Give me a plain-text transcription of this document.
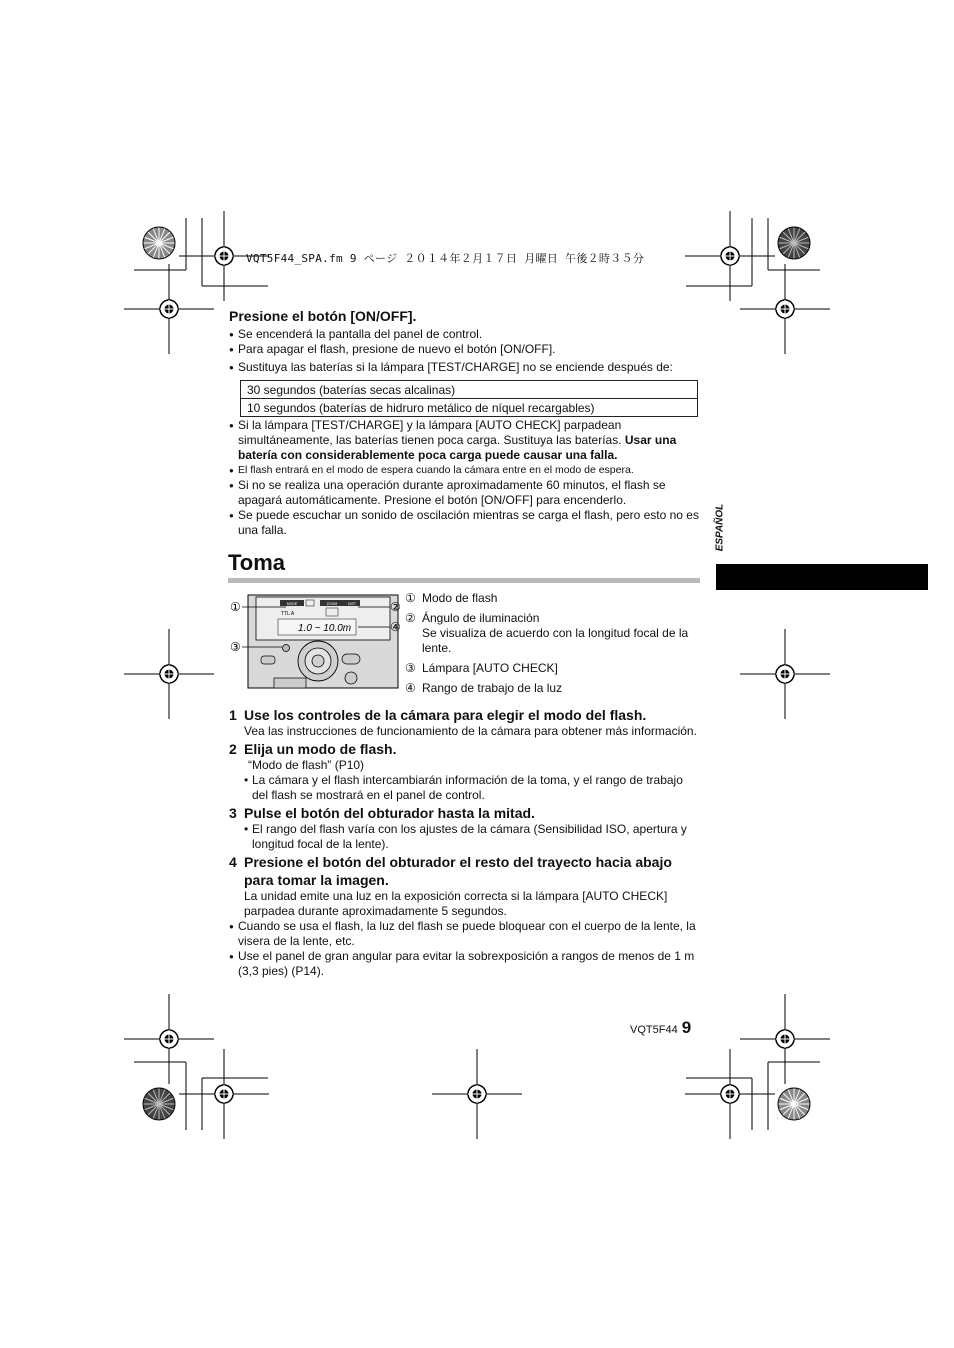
VQT5F44_SPA.fm 9 ページ ２０１４年２月１７日 月曜日 午後２時３５分
Presione el botón [ON/OFF].

● Se encenderá la pantalla del panel de control.

● Para apagar el flash, presione de nuevo el botón [ON/OFF].

● Sustituya las baterías si la lámpara [TEST/CHARGE] no se enciende después de:

30 segundos (baterías secas alcalinas)
10 segundos (baterías de hidruro metálico de níquel recargables)

● Si la lámpara [TEST/CHARGE] y la lámpara [AUTO CHECK] parpadean simultáneamente, las baterías tienen poca carga. Sustituya las baterías. Usar una batería con considerablemente poca carga puede causar una falla.

● El flash entrará en el modo de espera cuando la cámara entre en el modo de espera.

● Si no se realiza una operación durante aproximadamente 60 minutos, el flash se apagará automáticamente. Presione el botón [ON/OFF] para encenderlo.

● Se puede escuchar un sonido de oscilación mientras se carga el flash, pero esto no es una falla.	ESPAÑOL
Toma
MODE	ZOOM	DIST
TTL A
1.0 ~ 10.0m
①	②
③
④
① Modo de flash
② Ángulo de iluminación
Se visualiza de acuerdo con la longitud focal de la lente.
③ Lámpara [AUTO CHECK]
④ Rango de trabajo de la luz
1 Use los controles de la cámara para elegir el modo del flash.
Vea las instrucciones de funcionamiento de la cámara para obtener más información.
2 Elija un modo de flash.
“Modo de flash” (P10)
• La cámara y el flash intercambiarán información de la toma, y el rango de trabajo del flash se mostrará en el panel de control.
3 Pulse el botón del obturador hasta la mitad.
• El rango del flash varía con los ajustes de la cámara (Sensibilidad ISO, apertura y longitud focal de la lente).
4 Presione el botón del obturador el resto del trayecto hacia abajo para tomar la imagen.
La unidad emite una luz en la exposición correcta si la lámpara [AUTO CHECK] parpadea durante aproximadamente 5 segundos.

● Cuando se usa el flash, la luz del flash se puede bloquear con el cuerpo de la lente, la visera de la lente, etc.

● Use el panel de gran angular para evitar la sobrexposición a rangos de menos de 1 m (3,3 pies) (P14).

VQT5F44 9
